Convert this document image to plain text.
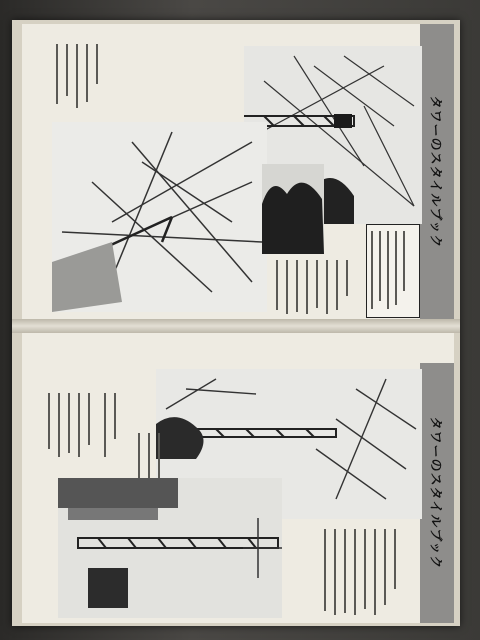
タワーのスタイルブック
タワーのスタイルブック
